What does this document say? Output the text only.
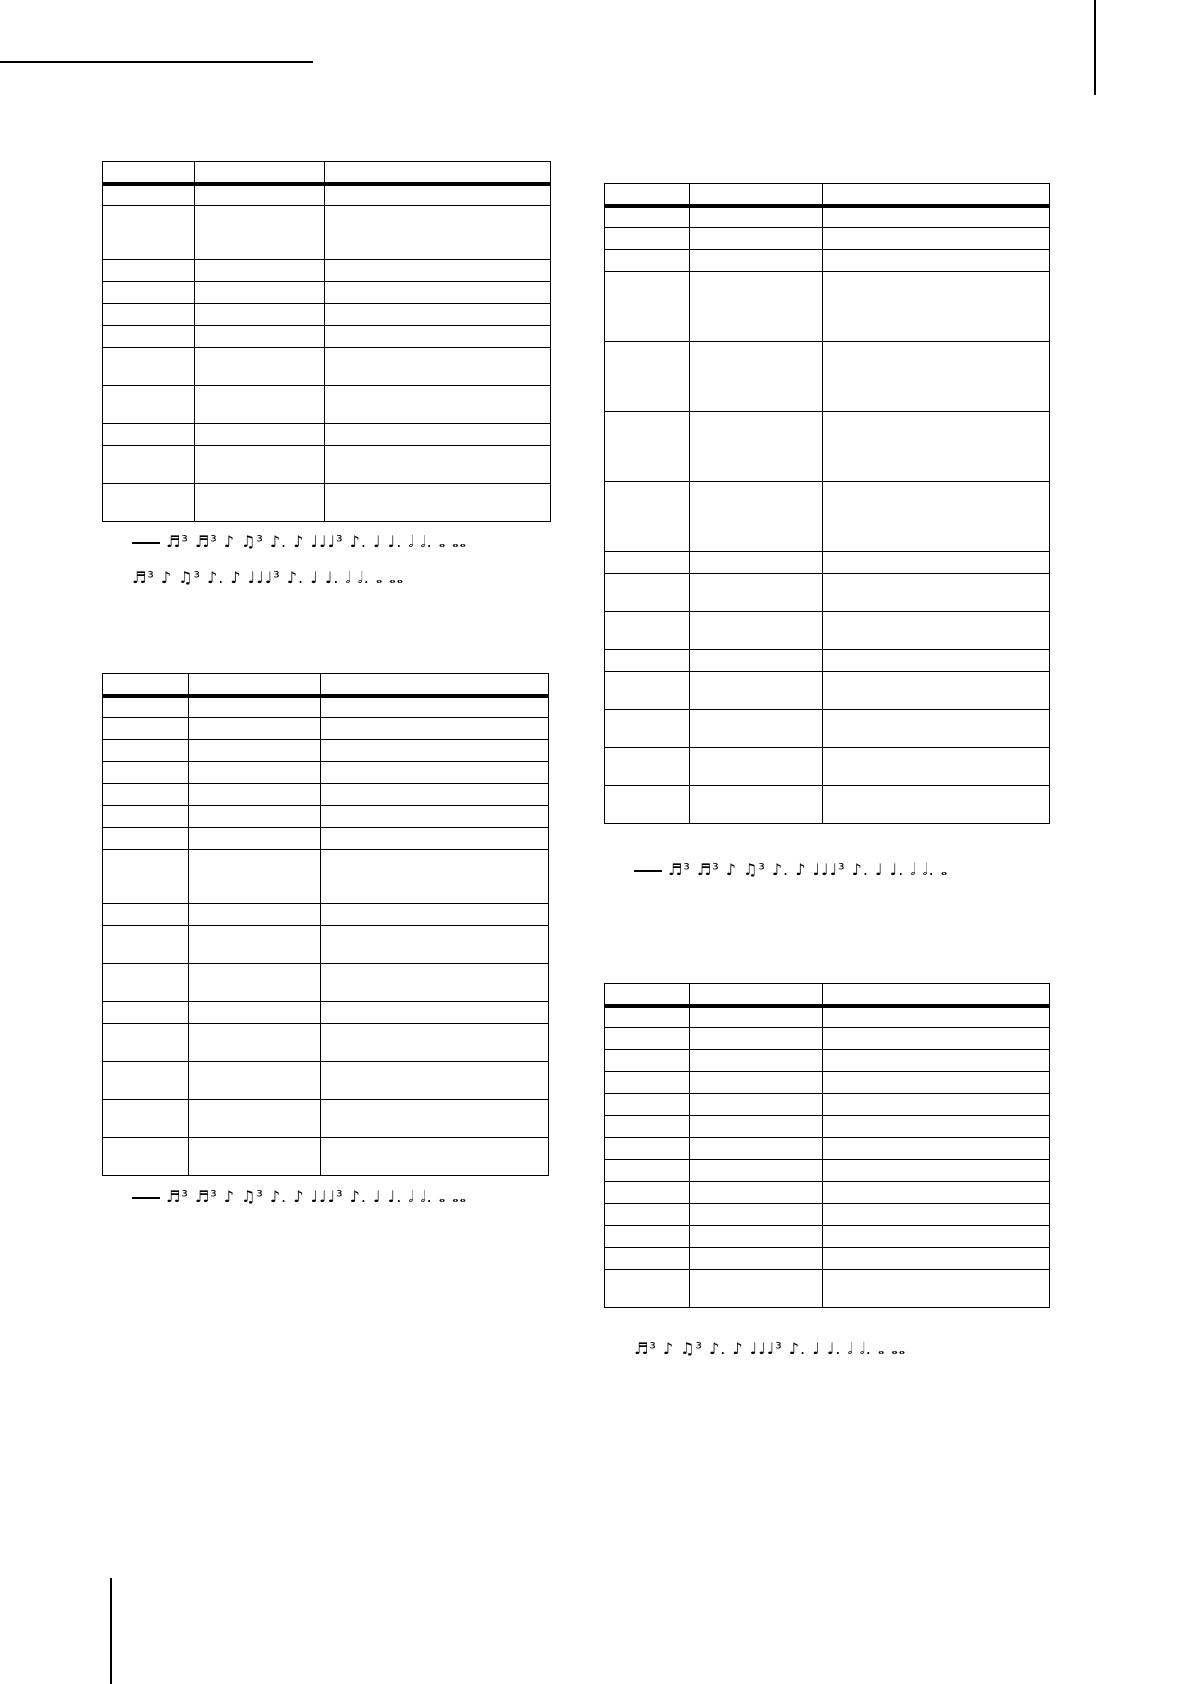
♬³ ♬³ ♪ ♫³ ♪. ♪ ♩♩♩³ ♪. ♩ ♩. 𝅗𝅥 𝅗𝅥. 𝅝 𝅝𝅝
♬³ ♪ ♫³ ♪. ♪ ♩♩♩³ ♪. ♩ ♩. 𝅗𝅥 𝅗𝅥. 𝅝 𝅝𝅝

♬³ ♬³ ♪ ♫³ ♪. ♪ ♩♩♩³ ♪. ♩ ♩. 𝅗𝅥 𝅗𝅥. 𝅝 𝅝𝅝

♬³ ♬³ ♪ ♫³ ♪. ♪ ♩♩♩³ ♪. ♩ ♩. 𝅗𝅥 𝅗𝅥. 𝅝

♬³ ♪ ♫³ ♪. ♪ ♩♩♩³ ♪. ♩ ♩. 𝅗𝅥 𝅗𝅥. 𝅝 𝅝𝅝
